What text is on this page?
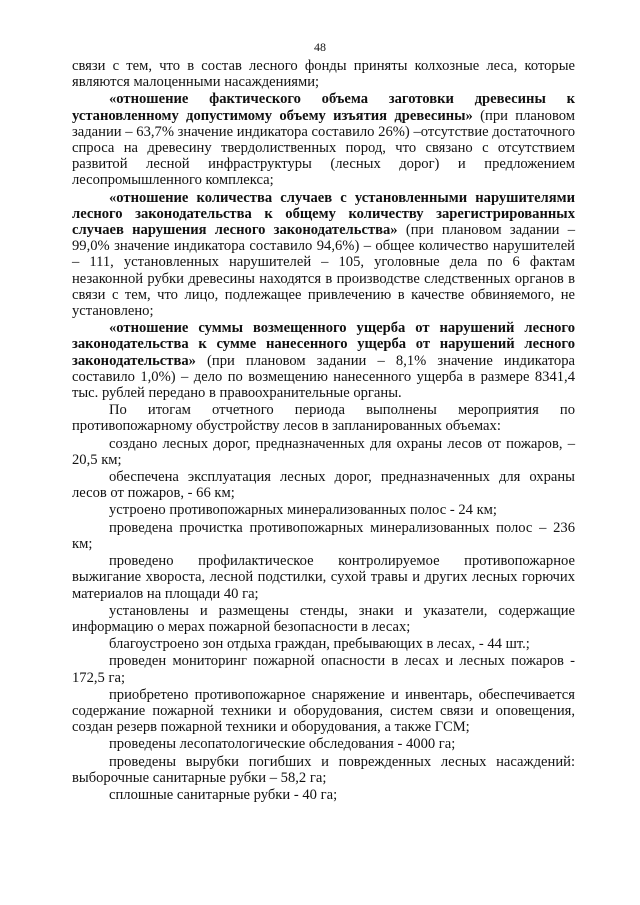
48

связи с тем, что в состав лесного фонды приняты колхозные леса, которые являются малоценными насаждениями;

«отношение фактического объема заготовки древесины к установленному допустимому объему изъятия древесины» (при плановом задании – 63,7% значение индикатора составило 26%) –отсутствие достаточного спроса на древесину твердолиственных пород, что связано с отсутствием развитой лесной инфраструктуры (лесных дорог) и предложением лесопромышленного комплекса;

«отношение количества случаев с установленными нарушителями лесного законодательства к общему количеству зарегистрированных случаев нарушения лесного законодательства» (при плановом задании – 99,0% значение индикатора составило 94,6%) – общее количество нарушителей – 111, установленных нарушителей – 105, уголовные дела по 6 фактам незаконной рубки древесины находятся в производстве следственных органов в связи с тем, что лицо, подлежащее привлечению в качестве обвиняемого, не установлено;

«отношение суммы возмещенного ущерба от нарушений лесного законодательства к сумме нанесенного ущерба от нарушений лесного законодательства» (при плановом задании – 8,1% значение индикатора составило 1,0%) – дело по возмещению нанесенного ущерба в размере 8341,4 тыс. рублей передано в правоохранительные органы.

По итогам отчетного периода выполнены мероприятия по противопожарному обустройству лесов в запланированных объемах:

создано лесных дорог, предназначенных для охраны лесов от пожаров, – 20,5 км;

обеспечена эксплуатация лесных дорог, предназначенных для охраны лесов от пожаров, - 66 км;

устроено противопожарных минерализованных полос - 24 км;

проведена прочистка противопожарных минерализованных полос – 236 км;

проведено профилактическое контролируемое противопожарное выжигание хвороста, лесной подстилки, сухой травы и других лесных горючих материалов на площади 40 га;

установлены и размещены стенды, знаки и указатели, содержащие информацию о мерах пожарной безопасности в лесах;

благоустроено зон отдыха граждан, пребывающих в лесах, - 44 шт.;

проведен мониторинг пожарной опасности в лесах и лесных пожаров - 172,5 га;

приобретено противопожарное снаряжение и инвентарь, обеспечивается содержание пожарной техники и оборудования, систем связи и оповещения, создан резерв пожарной техники и оборудования, а также ГСМ;

проведены лесопатологические обследования - 4000 га;

проведены вырубки погибших и поврежденных лесных насаждений: выборочные санитарные рубки – 58,2 га;

сплошные санитарные рубки - 40 га;
